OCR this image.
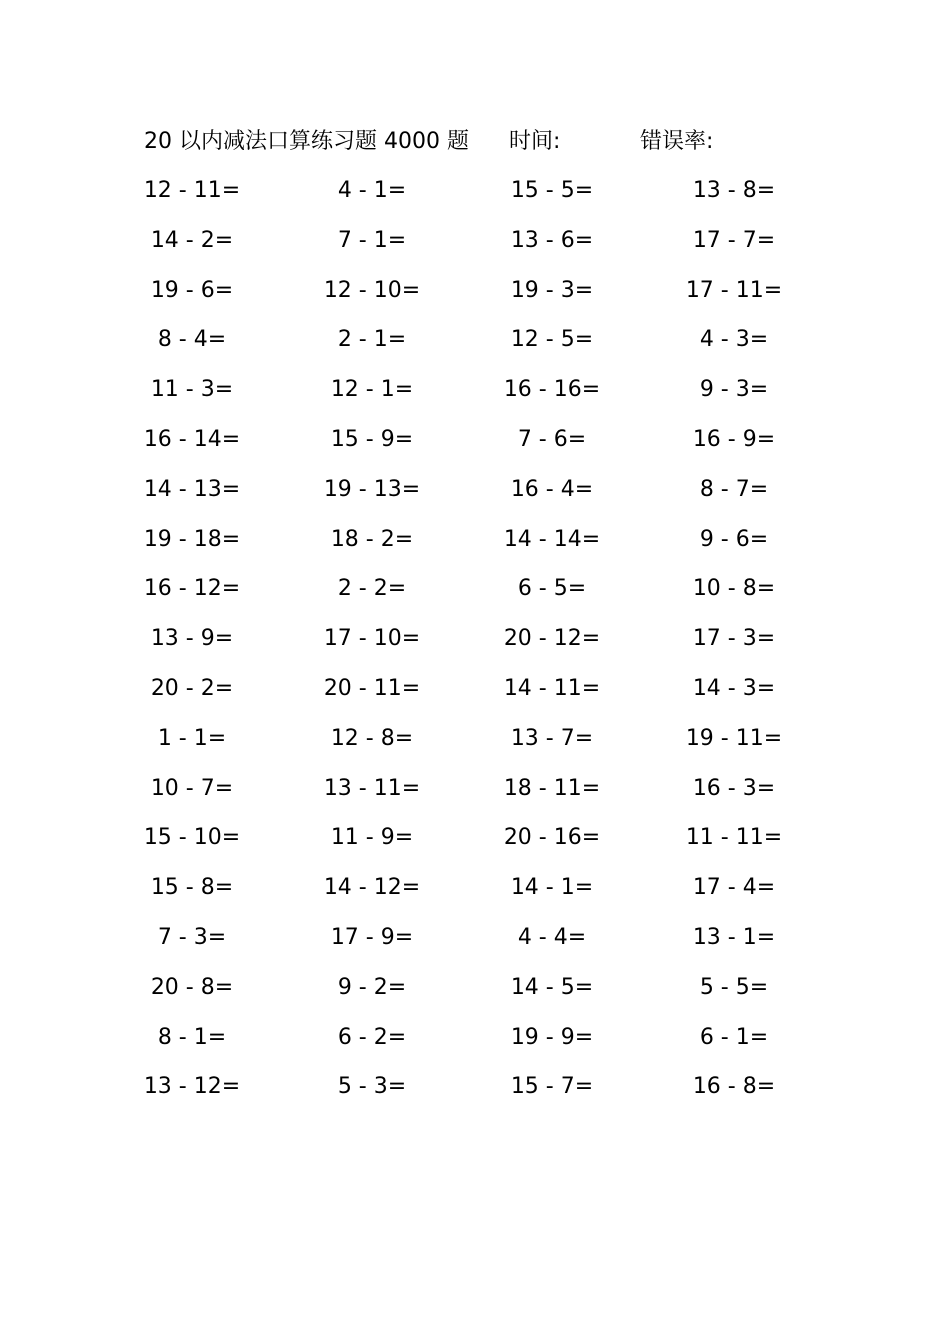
20 以内减法口算练习题 4000 题 时间:	错误率:
12 - 11=	4 - 1=	15 - 5=	13 - 8=
14 - 2=	7 - 1=	13 - 6=	17 - 7=
19 - 6=	12 - 10=	19 - 3=	17 - 11=
8 - 4=	2 - 1=	12 - 5=	4 - 3=
11 - 3=	12 - 1=	16 - 16=	9 - 3=
16 - 14=	15 - 9=	7 - 6=	16 - 9=
14 - 13=	19 - 13=	16 - 4=	8 - 7=
19 - 18=	18 - 2=	14 - 14=	9 - 6=
16 - 12=	2 - 2=	6 - 5=	10 - 8=
13 - 9=	17 - 10=	20 - 12=	17 - 3=
20 - 2=	20 - 11=	14 - 11=	14 - 3=
1 - 1=	12 - 8=	13 - 7=	19 - 11=
10 - 7=	13 - 11=	18 - 11=	16 - 3=
15 - 10=	11 - 9=	20 - 16=	11 - 11=
15 - 8=	14 - 12=	14 - 1=	17 - 4=
7 - 3=	17 - 9=	4 - 4=	13 - 1=
20 - 8=	9 - 2=	14 - 5=	5 - 5=
8 - 1=	6 - 2=	19 - 9=	6 - 1=
13 - 12=	5 - 3=	15 - 7=	16 - 8=
